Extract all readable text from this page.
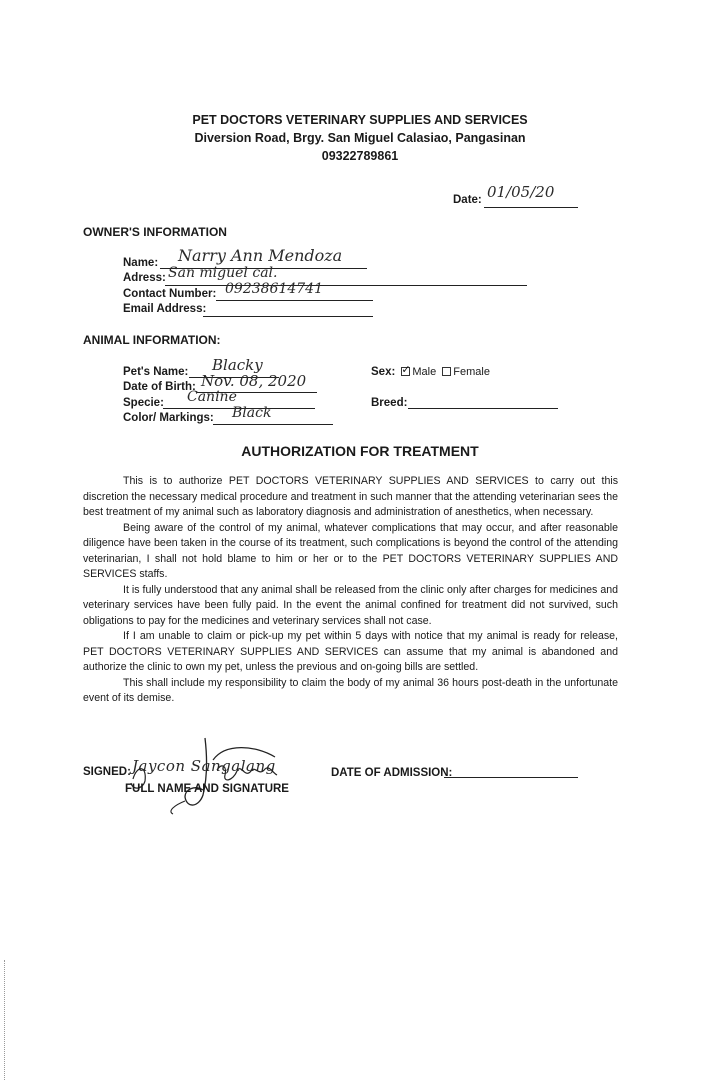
PET DOCTORS VETERINARY SUPPLIES AND SERVICES
Diversion Road, Brgy. San Miguel Calasiao, Pangasinan
09322789861
Date: 01/05/20
OWNER'S INFORMATION
Name: Narry Ann Mendoza
Adress: San miguel cal.
Contact Number: 09238614741
Email Address:
ANIMAL INFORMATION:
Pet's Name: Blacky
Date of Birth: Nov. 08, 2020
Specie: Canine
Color/ Markings: Black
Sex: ✓ Male Female
Breed:
AUTHORIZATION FOR TREATMENT

This is to authorize PET DOCTORS VETERINARY SUPPLIES AND SERVICES to carry out this discretion the necessary medical procedure and treatment in such manner that the attending veterinarian sees the best treatment of my animal such as laboratory diagnosis and administration of anesthetics, when necessary.

Being aware of the control of my animal, whatever complications that may occur, and after reasonable diligence have been taken in the course of its treatment, such complications is beyond the control of the attending veterinarian, I shall not hold blame to him or her or to the PET DOCTORS VETERINARY SUPPLIES AND SERVICES staffs.

It is fully understood that any animal shall be released from the clinic only after charges for medicines and veterinary services have been fully paid. In the event the animal confined for treatment did not survived, such obligations to pay for the medicines and veterinary services shall not case.

If I am unable to claim or pick-up my pet within 5 days with notice that my animal is ready for release, PET DOCTORS VETERINARY SUPPLIES AND SERVICES can assume that my animal is abandoned and authorize the clinic to own my pet, unless the previous and on-going bills are settled.

This shall include my responsibility to claim the body of my animal 36 hours post-death in the unfortunate event of its demise.

SIGNED: Jaycon Sangalang
FULL NAME AND SIGNATURE
DATE OF ADMISSION:
